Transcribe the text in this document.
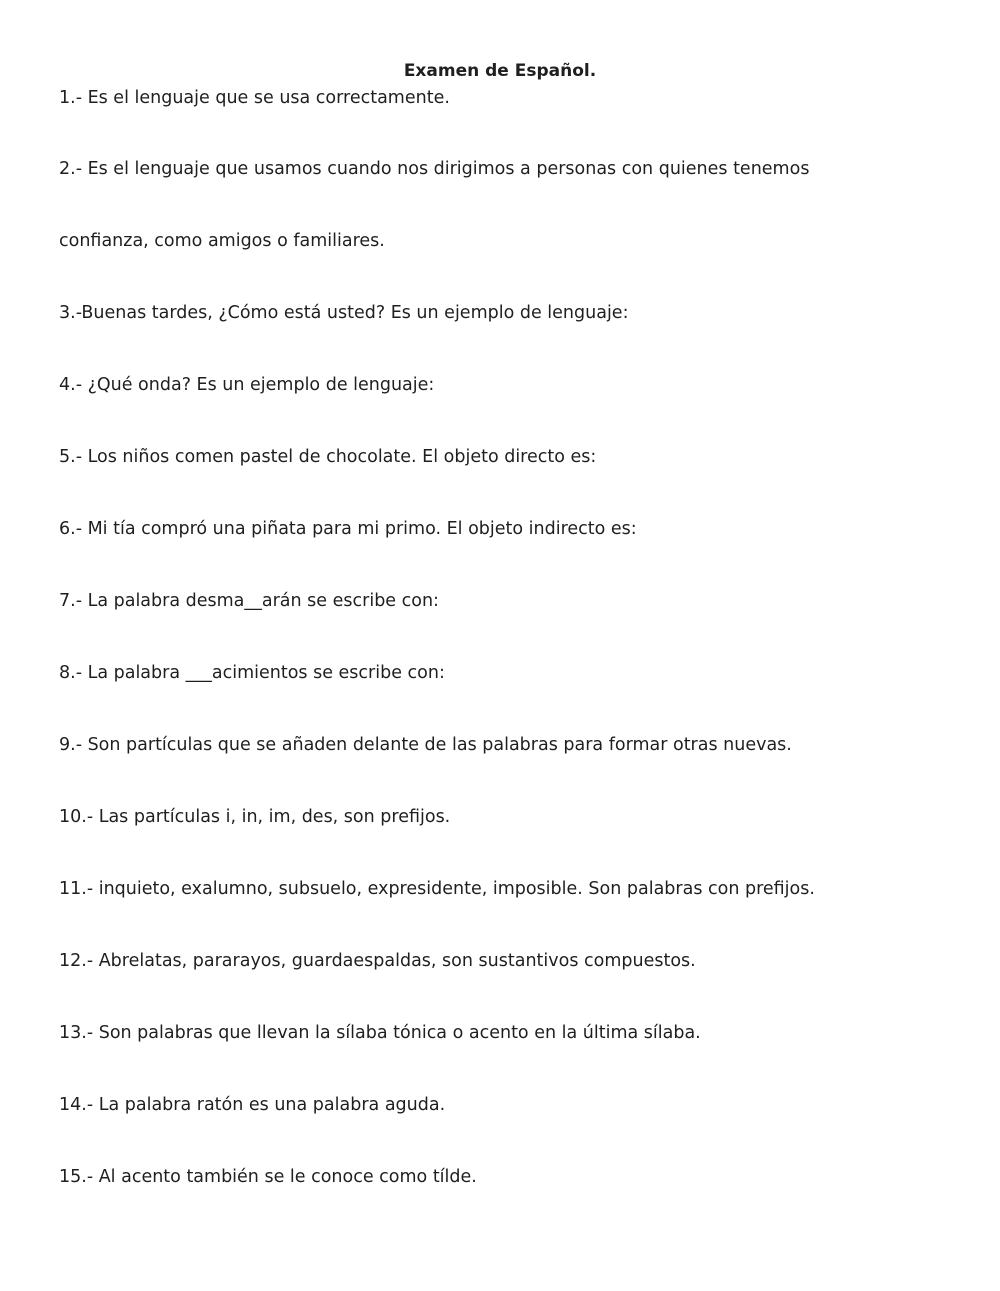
Examen de Español.
1.- Es el lenguaje que se usa correctamente.
2.- Es el lenguaje que usamos cuando nos dirigimos a personas con quienes tenemos
confianza, como amigos o familiares.
3.-Buenas tardes, ¿Cómo está usted? Es un ejemplo de lenguaje:
4.- ¿Qué onda? Es un ejemplo de lenguaje:
5.- Los niños comen pastel de chocolate. El objeto directo es:
6.- Mi tía compró una piñata para mi primo. El objeto indirecto es:
7.- La palabra desma__arán se escribe con:
8.- La palabra ___acimientos se escribe con:
9.- Son partículas que se añaden delante de las palabras para formar otras nuevas.
10.- Las partículas i, in, im, des, son prefijos.
11.- inquieto, exalumno, subsuelo, expresidente, imposible. Son palabras con prefijos.
12.- Abrelatas, pararayos, guardaespaldas, son sustantivos compuestos.
13.- Son palabras que llevan la sílaba tónica o acento en la última sílaba.
14.- La palabra ratón es una palabra aguda.
15.- Al acento también se le conoce como tílde.
